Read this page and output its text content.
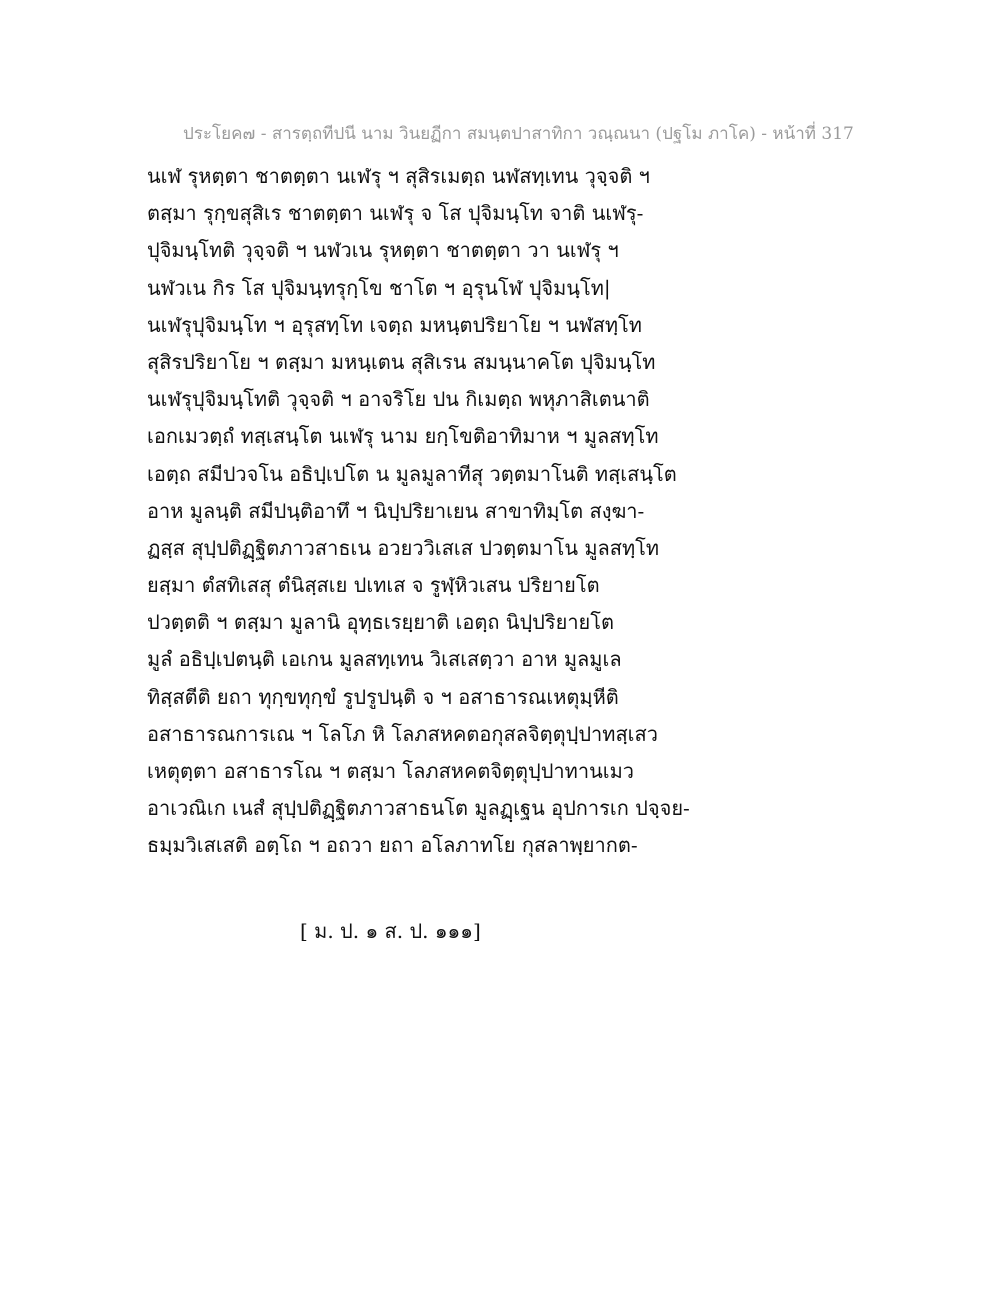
ประโยค๗ - สารตฺถทีปนี นาม วินยฏีกา สมนฺตปาสาทิกา วณฺณนา (ปฐโม ภาโค) - หน้าที่ 317
นเฬ รุหตฺตา ชาตตฺตา นเฬรุ ฯ สุสิรเมตฺถ นฬสทฺเทน วุจฺจติ ฯ
ตสฺมา รุกฺขสุสิเร ชาตตฺตา นเฬรุ จ โส ปุจิมนฺโท จาติ นเฬรุ-
ปุจิมนฺโทติ วุจฺจติ ฯ นฬวเน รุหตฺตา ชาตตฺตา วา นเฬรุ ฯ
นฬวเน กิร โส ปุจิมนฺทรุกฺโข ชาโต ฯ อฺรุนโฬ ปุจิมนฺโท|
นเฬรุปุจิมนฺโท ฯ อฺรุสทฺโท เจตฺถ มหนฺตปริยาโย ฯ นฬสทฺโท
สุสิรปริยาโย ฯ ตสฺมา มหนฺเตน สุสิเรน สมนฺนาคโต ปุจิมนฺโท
นเฬรุปุจิมนฺโทติ วุจฺจติ ฯ อาจริโย ปน กิเมตฺถ พหุภาสิเตนาติ
เอกเมวตฺถํ ทสฺเสนฺโต นเฬรุ นาม ยกฺโขติอาทิมาห ฯ มูลสทฺโท
เอตฺถ สมีปวจโน อธิปฺเปโต น มูลมูลาทีสุ วตฺตมาโนติ ทสฺเสนฺโต
อาห มูลนฺติ สมีปนฺติอาทึ ฯ นิปฺปริยาเยน สาขาทิมฺโต สงฺฆา-
ฏสฺส สุปฺปติฏฺฐิตภาวสาธเน อวยววิเสเส ปวตฺตมาโน มูลสทฺโท
ยสฺมา ตํสทิเสสุ ตํนิสฺสเย ปเทเส จ รูฬฺหิวเสน ปริยายโต
ปวตฺตติ ฯ ตสฺมา มูลานิ อุทฺธเรยฺยาติ เอตฺถ นิปฺปริยายโต
มูลํ อธิปฺเปตนฺติ เอเกน มูลสทฺเทน วิเสเสตฺวา อาห มูลมูเล
ทิสฺสตีติ ยถา ทุกฺขทุกฺขํ รูปรูปนฺติ จ ฯ อสาธารณเหตุมฺหีติ
อสาธารณการเณ ฯ โลโภ หิ โลภสหคตอกุสลจิตฺตุปฺปาทสฺเสว
เหตุตฺตา อสาธารโณ ฯ ตสฺมา โลภสหคตจิตฺตุปฺปาทานเมว
อาเวณิเก เนสํ สุปฺปติฏฺฐิตภาวสาธนโต มูลฏฺเฐน อุปการเก ปจฺจย-
ธมฺมวิเสเสติ อตฺโถ ฯ อถวา ยถา อโลภาทโย กุสลาพฺยากต-
[ ม. ป. ๑ ส. ป. ๑๑๑]
